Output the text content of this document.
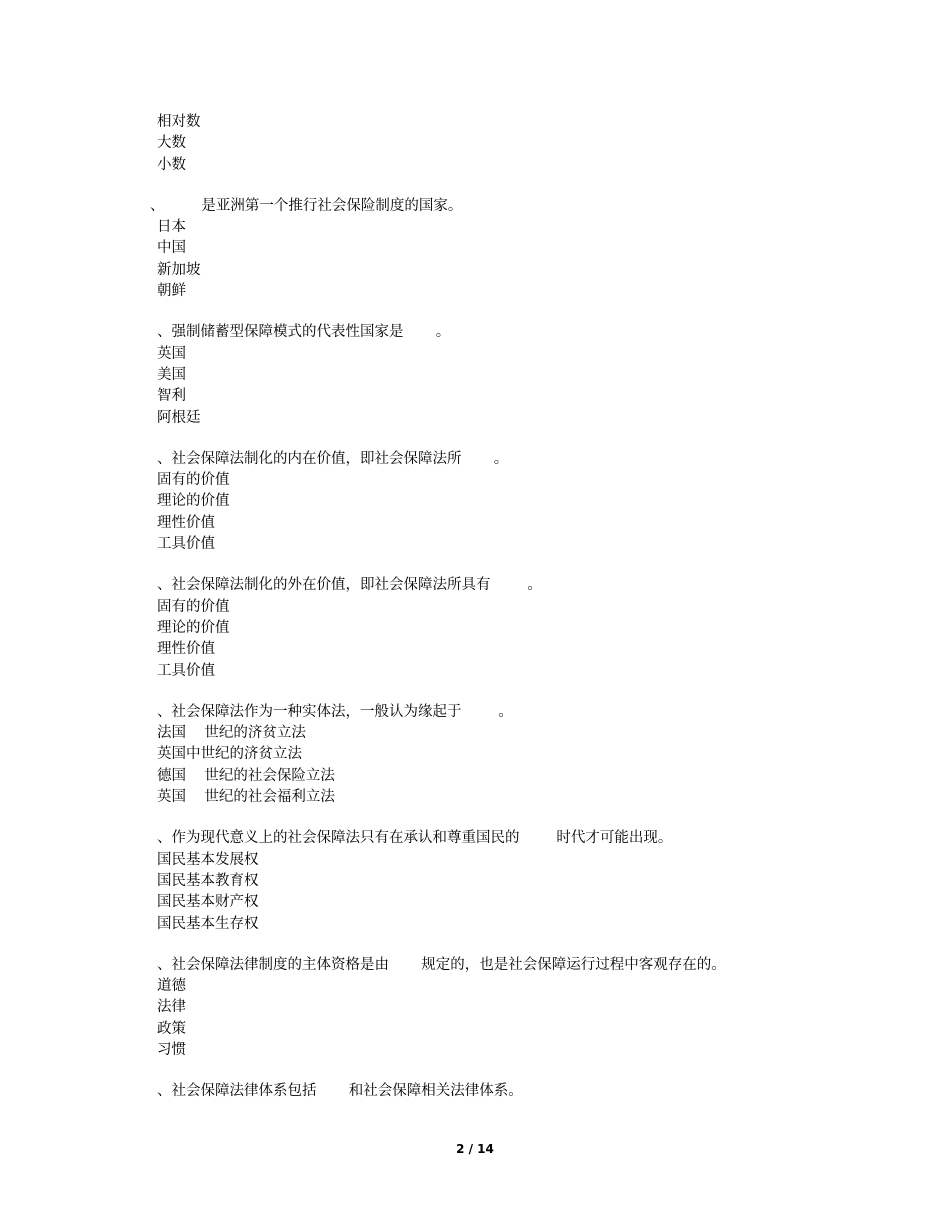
相对数
大数
小数
、        是亚洲第一个推行社会保险制度的国家。
日本
中国
新加坡
朝鲜
、强制储蓄型保障模式的代表性国家是       。
英国
美国
智利
阿根廷
、社会保障法制化的内在价值，即社会保障法所       。
固有的价值
理论的价值
理性价值
工具价值
、社会保障法制化的外在价值，即社会保障法所具有        。
固有的价值
理论的价值
理性价值
工具价值
、社会保障法作为一种实体法，一般认为缘起于        。
法国    世纪的济贫立法
英国中世纪的济贫立法
德国    世纪的社会保险立法
英国    世纪的社会福利立法
、作为现代意义上的社会保障法只有在承认和尊重国民的        时代才可能出现。
国民基本发展权
国民基本教育权
国民基本财产权
国民基本生存权
、社会保障法律制度的主体资格是由       规定的，也是社会保障运行过程中客观存在的。
道德
法律
政策
习惯
、社会保障法律体系包括       和社会保障相关法律体系。
2 / 14
